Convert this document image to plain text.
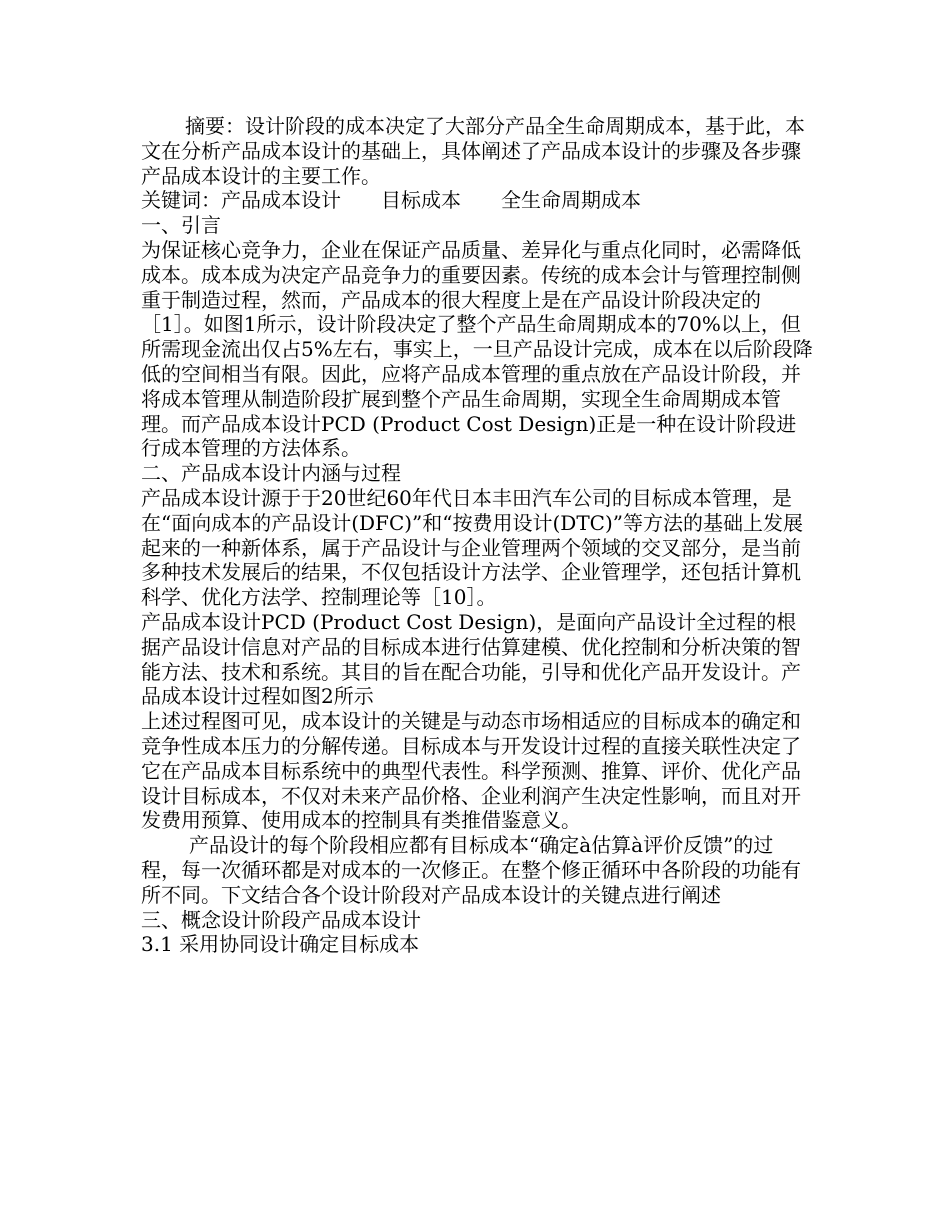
摘要：设计阶段的成本决定了大部分产品全生命周期成本，基于此，本文在分析产品成本设计的基础上，具体阐述了产品成本设计的步骤及各步骤产品成本设计的主要工作。

关键词：产品成本设计　　目标成本　　全生命周期成本

一、引言

为保证核心竞争力，企业在保证产品质量、差异化与重点化同时，必需降低成本。成本成为决定产品竞争力的重要因素。传统的成本会计与管理控制侧重于制造过程，然而，产品成本的很大程度上是在产品设计阶段决定的［1］。如图1所示，设计阶段决定了整个产品生命周期成本的70%以上，但所需现金流出仅占5%左右，事实上，一旦产品设计完成，成本在以后阶段降低的空间相当有限。因此，应将产品成本管理的重点放在产品设计阶段，并将成本管理从制造阶段扩展到整个产品生命周期，实现全生命周期成本管理。而产品成本设计PCD (Product Cost Design)正是一种在设计阶段进行成本管理的方法体系。

二、产品成本设计内涵与过程

产品成本设计源于于20世纪60年代日本丰田汽车公司的目标成本管理，是在“面向成本的产品设计(DFC)”和“按费用设计(DTC)”等方法的基础上发展起来的一种新体系，属于产品设计与企业管理两个领域的交叉部分，是当前多种技术发展后的结果，不仅包括设计方法学、企业管理学，还包括计算机科学、优化方法学、控制理论等［10］。

产品成本设计PCD (Product Cost Design)，是面向产品设计全过程的根据产品设计信息对产品的目标成本进行估算建模、优化控制和分析决策的智能方法、技术和系统。其目的旨在配合功能，引导和优化产品开发设计。产品成本设计过程如图2所示

上述过程图可见，成本设计的关键是与动态市场相适应的目标成本的确定和竞争性成本压力的分解传递。目标成本与开发设计过程的直接关联性决定了它在产品成本目标系统中的典型代表性。科学预测、推算、评价、优化产品设计目标成本，不仅对未来产品价格、企业利润产生决定性影响，而且对开发费用预算、使用成本的控制具有类推借鉴意义。

产品设计的每个阶段相应都有目标成本“确定à估算à评价反馈”的过程，每一次循环都是对成本的一次修正。在整个修正循环中各阶段的功能有所不同。下文结合各个设计阶段对产品成本设计的关键点进行阐述

三、概念设计阶段产品成本设计
3.1 采用协同设计确定目标成本
